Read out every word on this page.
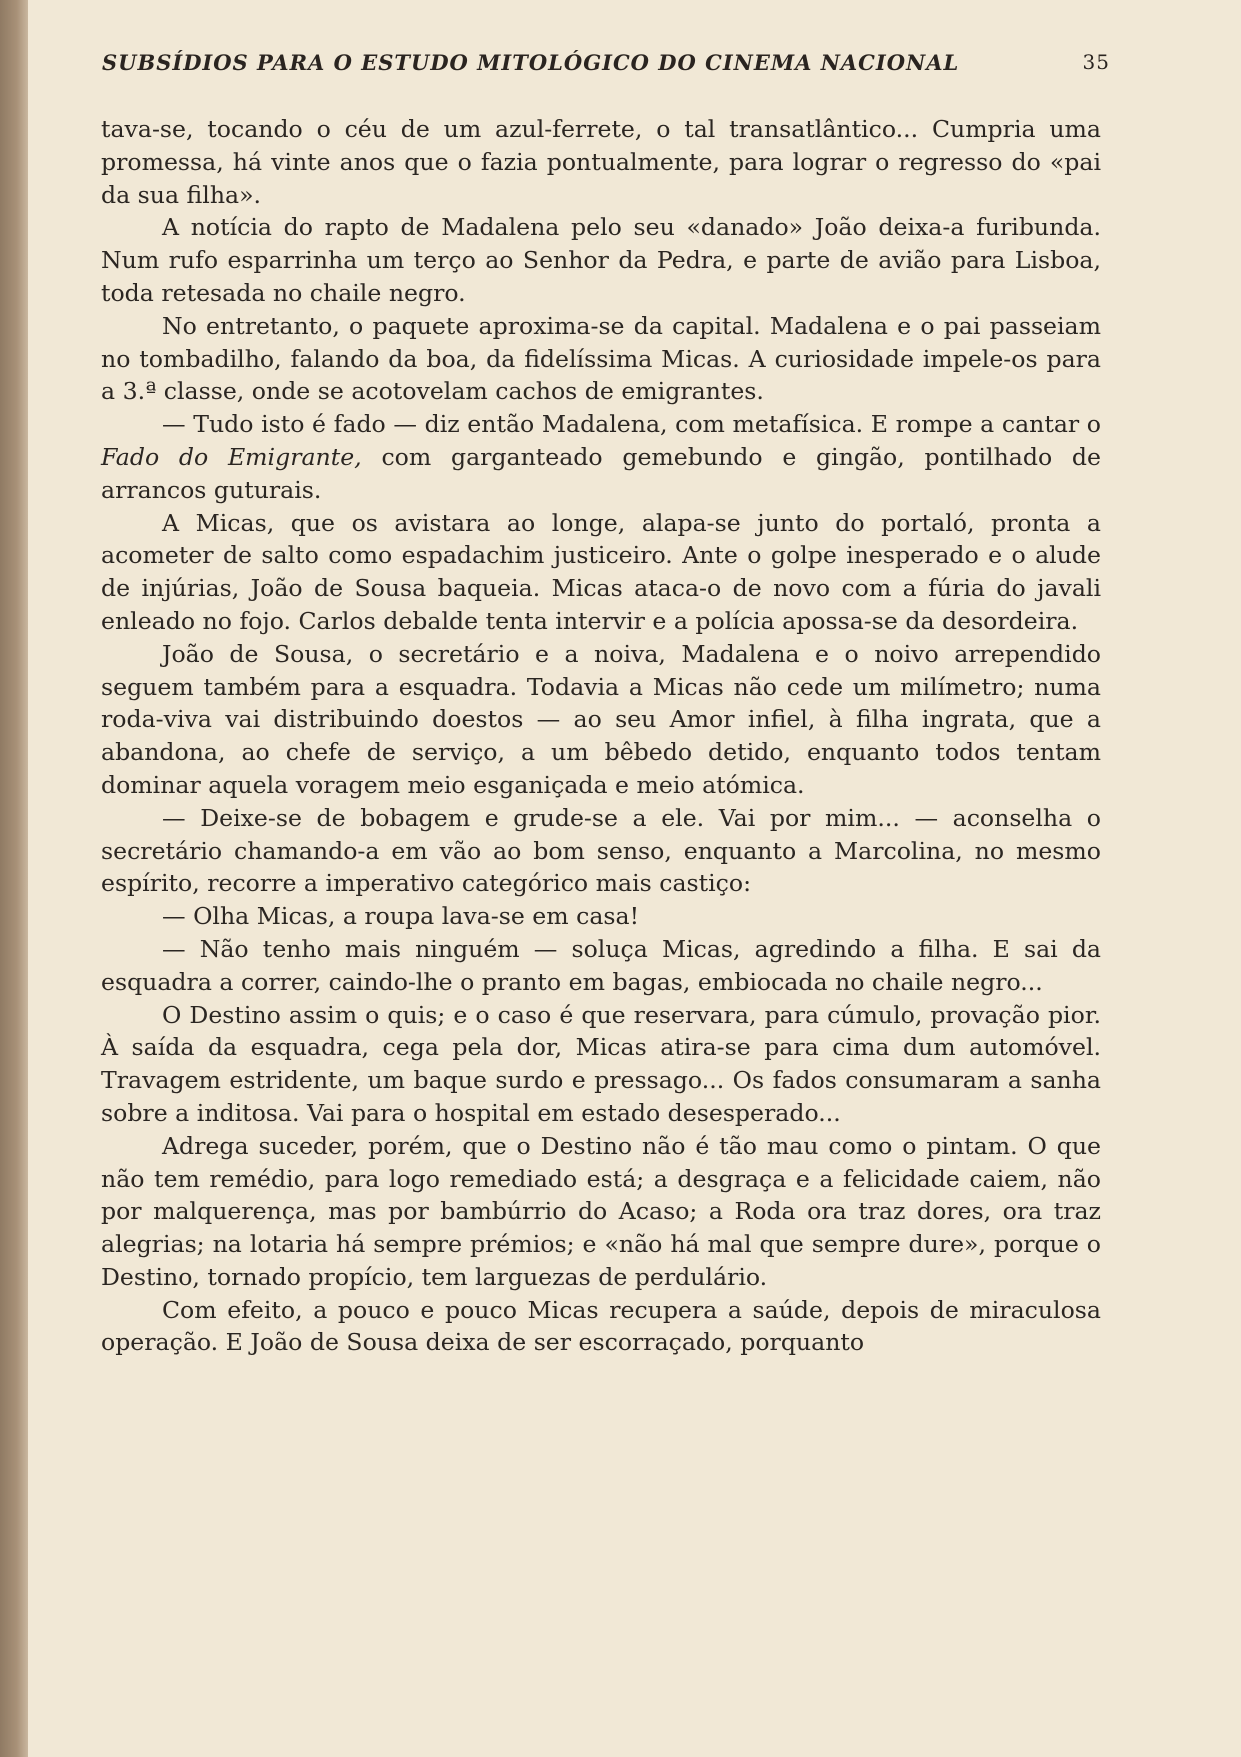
SUBSÍDIOS PARA O ESTUDO MITOLÓGICO DO CINEMA NACIONAL	35

tava-se, tocando o céu de um azul-ferrete, o tal transatlântico... Cumpria uma promessa, há vinte anos que o fazia pontualmente, para lograr o regresso do «pai da sua filha».

A notícia do rapto de Madalena pelo seu «danado» João deixa-a furibunda. Num rufo esparrinha um terço ao Senhor da Pedra, e parte de avião para Lisboa, toda retesada no chaile negro.

No entretanto, o paquete aproxima-se da capital. Madalena e o pai passeiam no tombadilho, falando da boa, da fidelíssima Micas. A curiosidade impele-os para a 3.ª classe, onde se acotovelam cachos de emigrantes.

— Tudo isto é fado — diz então Madalena, com metafísica. E rompe a cantar o Fado do Emigrante, com garganteado gemebundo e gingão, pontilhado de arrancos guturais.

A Micas, que os avistara ao longe, alapa-se junto do portaló, pronta a acometer de salto como espadachim justiceiro. Ante o golpe inesperado e o alude de injúrias, João de Sousa baqueia. Micas ataca-o de novo com a fúria do javali enleado no fojo. Carlos debalde tenta intervir e a polícia apossa-se da desordeira.

João de Sousa, o secretário e a noiva, Madalena e o noivo arrependido seguem também para a esquadra. Todavia a Micas não cede um milímetro; numa roda-viva vai distribuindo doestos — ao seu Amor infiel, à filha ingrata, que a abandona, ao chefe de serviço, a um bêbedo detido, enquanto todos tentam dominar aquela voragem meio esganiçada e meio atómica.

— Deixe-se de bobagem e grude-se a ele. Vai por mim... — aconselha o secretário chamando-a em vão ao bom senso, enquanto a Marcolina, no mesmo espírito, recorre a imperativo categórico mais castiço:

— Olha Micas, a roupa lava-se em casa!

— Não tenho mais ninguém — soluça Micas, agredindo a filha. E sai da esquadra a correr, caindo-lhe o pranto em bagas, embiocada no chaile negro...

O Destino assim o quis; e o caso é que reservara, para cúmulo, provação pior. À saída da esquadra, cega pela dor, Micas atira-se para cima dum automóvel. Travagem estridente, um baque surdo e pressago... Os fados consumaram a sanha sobre a inditosa. Vai para o hospital em estado desesperado...

Adrega suceder, porém, que o Destino não é tão mau como o pintam. O que não tem remédio, para logo remediado está; a desgraça e a felicidade caiem, não por malquerença, mas por bambúrrio do Acaso; a Roda ora traz dores, ora traz alegrias; na lotaria há sempre prémios; e «não há mal que sempre dure», porque o Destino, tornado propício, tem larguezas de perdulário.

Com efeito, a pouco e pouco Micas recupera a saúde, depois de miraculosa operação. E João de Sousa deixa de ser escorraçado, porquanto
